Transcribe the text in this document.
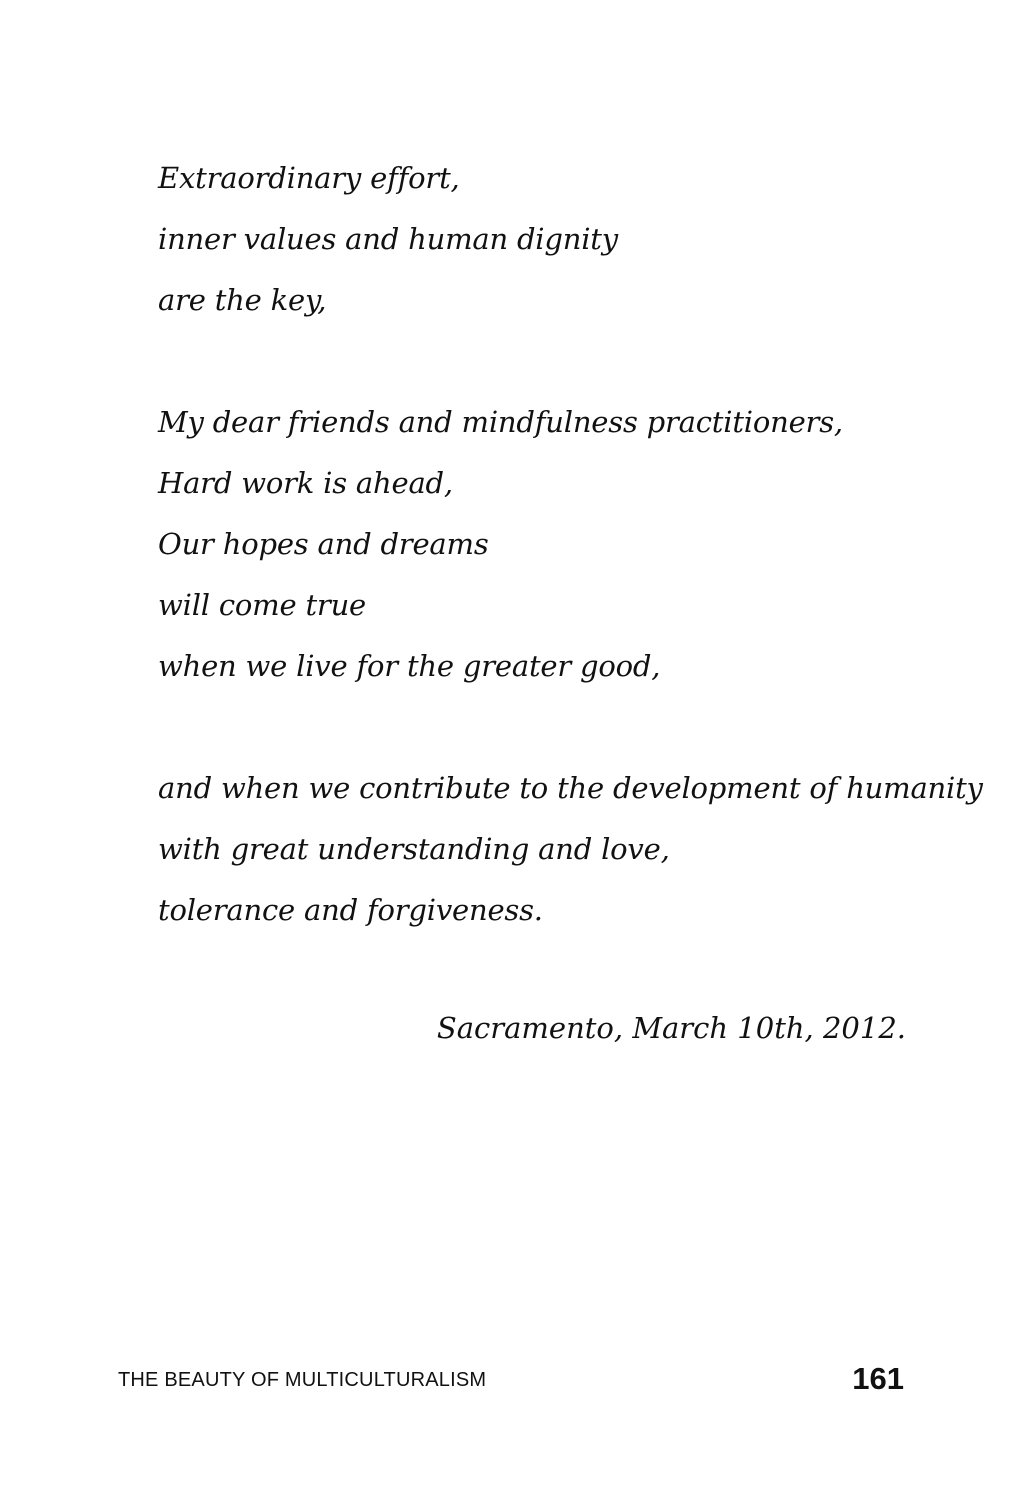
Extraordinary effort,
inner values and human dignity
are the key,
My dear friends and mindfulness practitioners,
Hard work is ahead,
Our hopes and dreams
will come true
when we live for the greater good,
and when we contribute to the development of humanity
with great understanding and love,
tolerance and forgiveness.
Sacramento, March 10th, 2012.
THE BEAUTY OF MULTICULTURALISM	161
